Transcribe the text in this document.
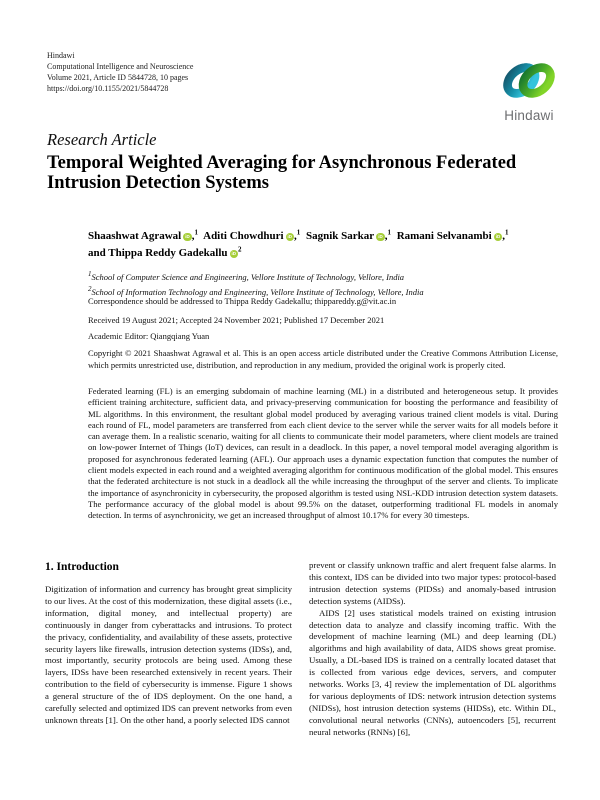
Hindawi
Computational Intelligence and Neuroscience
Volume 2021, Article ID 5844728, 10 pages
https://doi.org/10.1155/2021/5844728
Hindawi
Research Article
Temporal Weighted Averaging for Asynchronous Federated Intrusion Detection Systems
Shaashwat Agrawal iD ,$^1$ Aditi Chowdhuri iD ,$^1$ Sagnik Sarkar iD ,$^1$ Ramani Selvanambi iD ,$^1$
and Thippa Reddy Gadekallu $iD^2$
$^1$School of Computer Science and Engineering, Vellore Institute of Technology, Vellore, India
$^2$School of Information Technology and Engineering, Vellore Institute of Technology, Vellore, India
Correspondence should be addressed to Thippa Reddy Gadekallu; thippareddy.g@vit.ac.in
Received 19 August 2021; Accepted 24 November 2021; Published 17 December 2021
Academic Editor: Qiangqiang Yuan
Copyright © 2021 Shaashwat Agrawal et al. This is an open access article distributed under the Creative Commons Attribution License, which permits unrestricted use, distribution, and reproduction in any medium, provided the original work is properly cited.
Federated learning (FL) is an emerging subdomain of machine learning (ML) in a distributed and heterogeneous setup. It provides efficient training architecture, sufficient data, and privacy-preserving communication for boosting the performance and feasibility of ML algorithms. In this environment, the resultant global model produced by averaging various trained client models is vital. During each round of FL, model parameters are transferred from each client device to the server while the server waits for all models before it can average them. In a realistic scenario, waiting for all clients to communicate their model parameters, where client models are trained on low-power Internet of Things (IoT) devices, can result in a deadlock. In this paper, a novel temporal model averaging algorithm is proposed for asynchronous federated learning (AFL). Our approach uses a dynamic expectation function that computes the number of client models expected in each round and a weighted averaging algorithm for continuous modification of the global model. This ensures that the federated architecture is not stuck in a deadlock all the while increasing the throughput of the server and clients. To implicate the importance of asynchronicity in cybersecurity, the proposed algorithm is tested using NSL-KDD intrusion detection system datasets. The performance accuracy of the global model is about 99.5% on the dataset, outperforming traditional FL models in anomaly detection. In terms of asynchronicity, we get an increased throughput of almost 10.17% for every 30 timesteps.
1. Introduction

Digitization of information and currency has brought great simplicity to our lives. At the cost of this modernization, these digital assets (i.e., information, digital money, and intellectual property) are continuously in danger from cyberattacks and intrusions. To protect the privacy, confidentiality, and availability of these assets, protective security layers like firewalls, intrusion detection systems (IDSs), and, most importantly, security protocols are being used. Among these layers, IDSs have been researched extensively in recent years. Their contribution to the field of cybersecurity is immense. Figure 1 shows a general structure of the of IDS deployment. On the one hand, a carefully selected and optimized IDS can prevent networks from even unknown threats [1]. On the other hand, a poorly selected IDS cannot

prevent or classify unknown traffic and alert frequent false alarms. In this context, IDS can be divided into two major types: protocol-based intrusion detection systems (PIDSs) and anomaly-based intrusion detection systems (AIDSs).

AIDS [2] uses statistical models trained on existing intrusion detection data to analyze and classify incoming traffic. With the development of machine learning (ML) and deep learning (DL) algorithms and high availability of data, AIDS shows great promise. Usually, a DL-based IDS is trained on a centrally located dataset that is collected from various edge devices, servers, and computer networks. Works [3, 4] review the implementation of DL algorithms for various deployments of IDS: network intrusion detection systems (NIDSs), host intrusion detection systems (HIDSs), etc. Within DL, convolutional neural networks (CNNs), autoencoders [5], recurrent neural networks (RNNs) [6],
